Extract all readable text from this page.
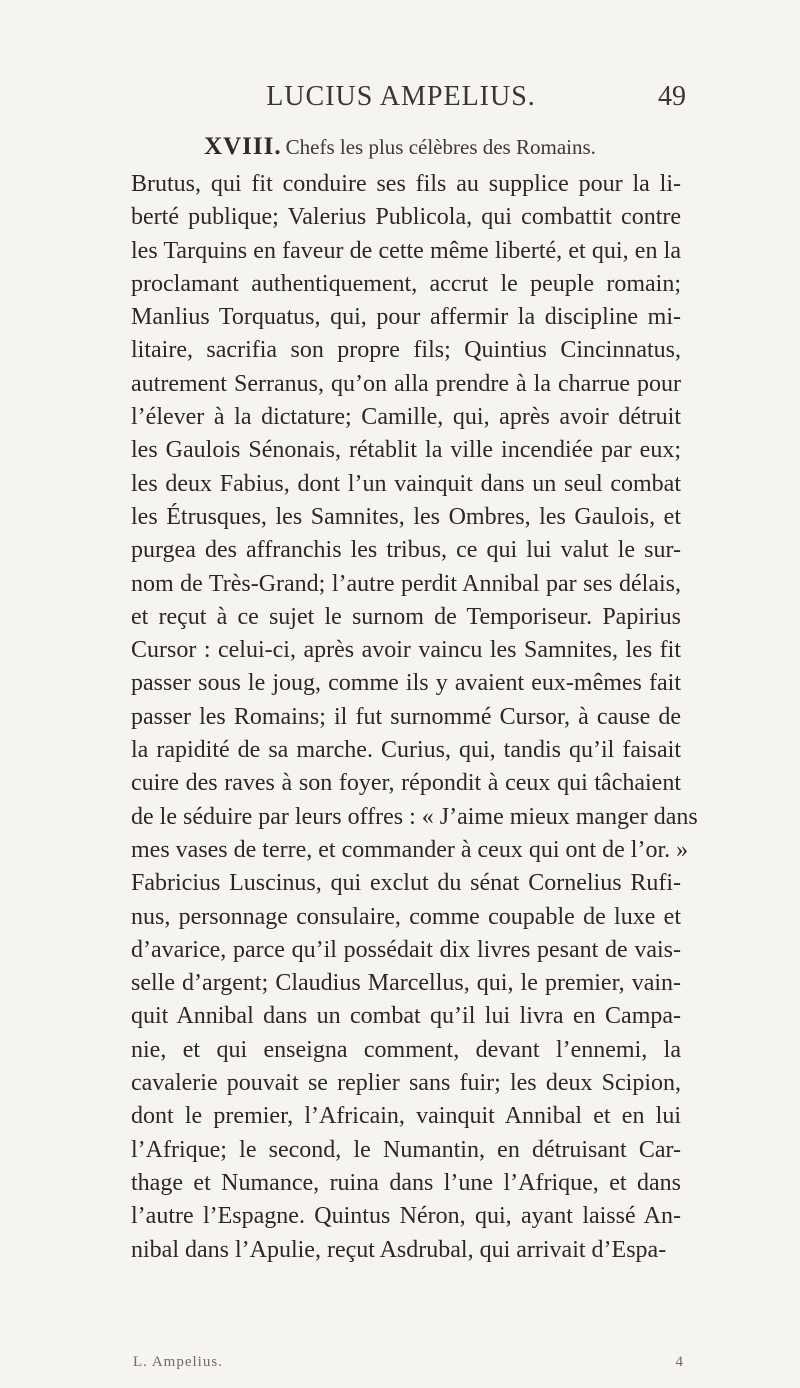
LUCIUS AMPELIUS.	49
XVIII. Chefs les plus célèbres des Romains.
Brutus, qui fit conduire ses fils au supplice pour la li-
berté publique; Valerius Publicola, qui combattit contre
les Tarquins en faveur de cette même liberté, et qui, en la
proclamant authentiquement, accrut le peuple romain;
Manlius Torquatus, qui, pour affermir la discipline mi-
litaire, sacrifia son propre fils; Quintius Cincinnatus,
autrement Serranus, qu’on alla prendre à la charrue pour
l’élever à la dictature; Camille, qui, après avoir détruit
les Gaulois Sénonais, rétablit la ville incendiée par eux;
les deux Fabius, dont l’un vainquit dans un seul combat
les Étrusques, les Samnites, les Ombres, les Gaulois, et
purgea des affranchis les tribus, ce qui lui valut le sur-
nom de Très-Grand; l’autre perdit Annibal par ses délais,
et reçut à ce sujet le surnom de Temporiseur. Papirius
Cursor : celui-ci, après avoir vaincu les Samnites, les fit
passer sous le joug, comme ils y avaient eux-mêmes fait
passer les Romains; il fut surnommé Cursor, à cause de
la rapidité de sa marche. Curius, qui, tandis qu’il faisait
cuire des raves à son foyer, répondit à ceux qui tâchaient
de le séduire par leurs offres : « J’aime mieux manger dans
mes vases de terre, et commander à ceux qui ont de l’or. »
Fabricius Luscinus, qui exclut du sénat Cornelius Rufi-
nus, personnage consulaire, comme coupable de luxe et
d’avarice, parce qu’il possédait dix livres pesant de vais-
selle d’argent; Claudius Marcellus, qui, le premier, vain-
quit Annibal dans un combat qu’il lui livra en Campa-
nie, et qui enseigna comment, devant l’ennemi, la
cavalerie pouvait se replier sans fuir; les deux Scipion,
dont le premier, l’Africain, vainquit Annibal et en lui
l’Afrique; le second, le Numantin, en détruisant Car-
thage et Numance, ruina dans l’une l’Afrique, et dans
l’autre l’Espagne. Quintus Néron, qui, ayant laissé An-
nibal dans l’Apulie, reçut Asdrubal, qui arrivait d’Espa-
L. Ampelius.	4
